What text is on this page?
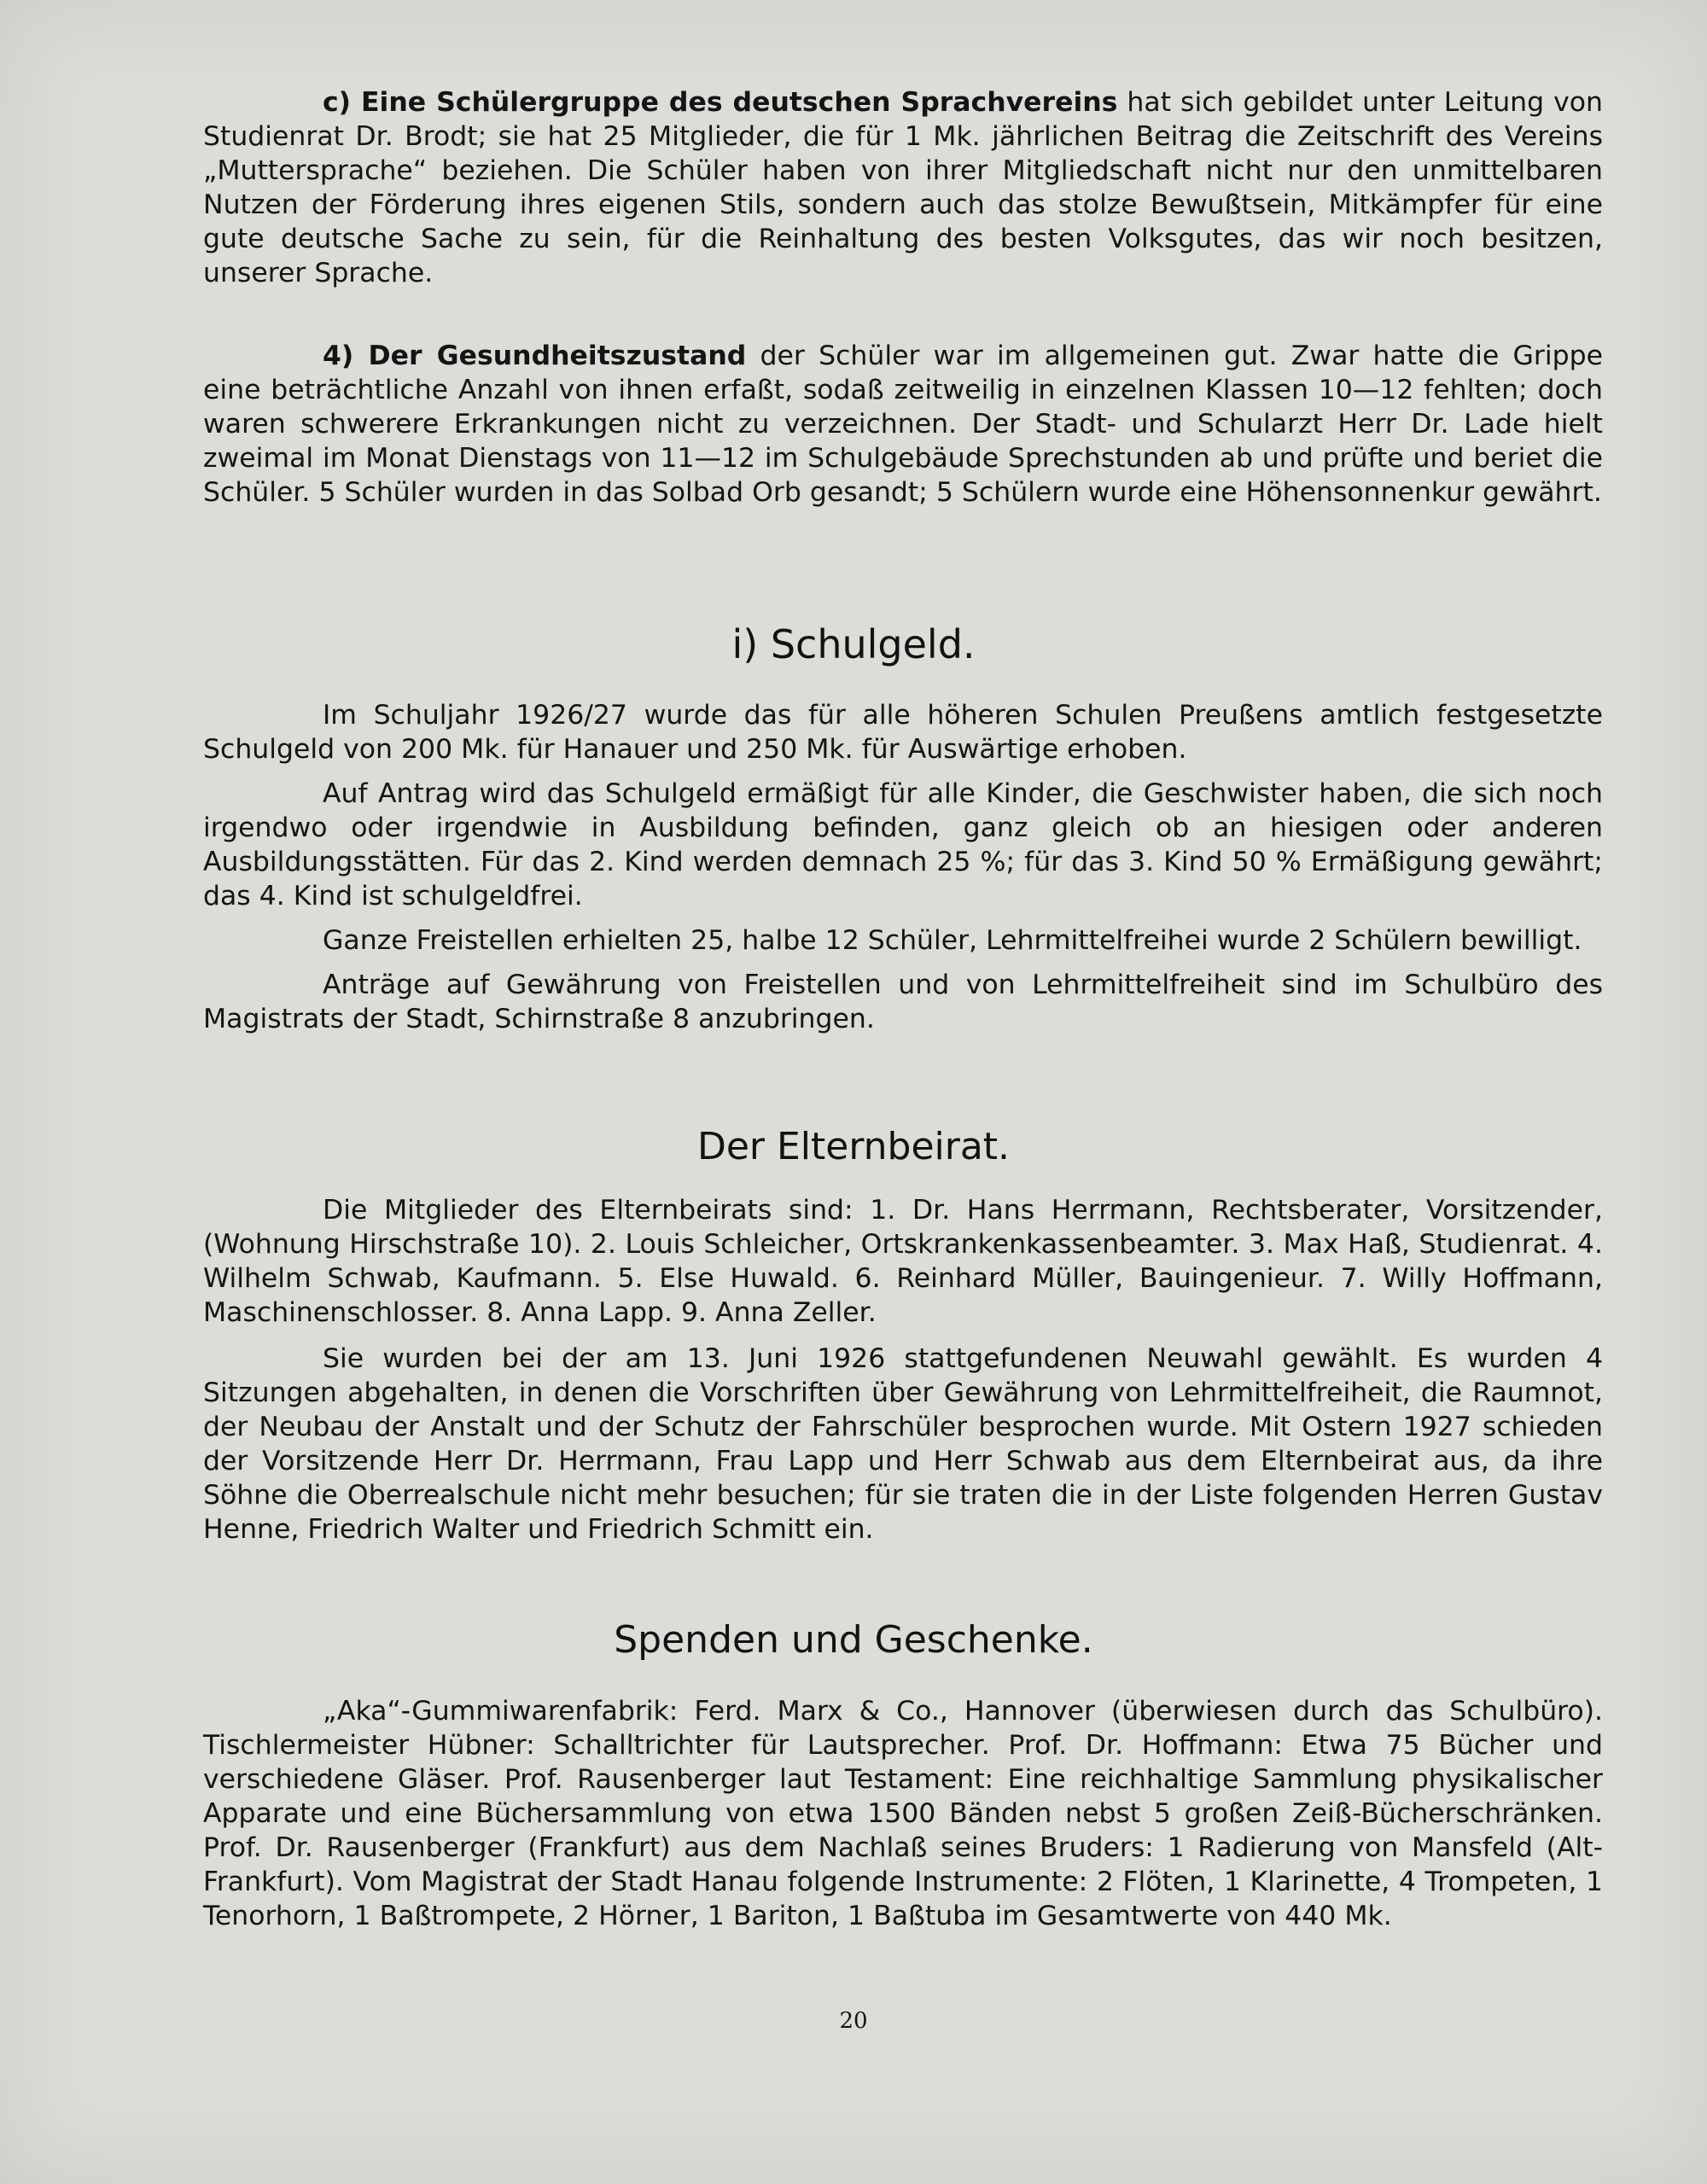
c) Eine Schülergruppe des deutschen Sprachvereins hat sich gebildet unter Leitung von Studienrat Dr. Brodt; sie hat 25 Mitglieder, die für 1 Mk. jährlichen Beitrag die Zeitschrift des Vereins „Muttersprache“ beziehen. Die Schüler haben von ihrer Mitgliedschaft nicht nur den unmittelbaren Nutzen der Förderung ihres eigenen Stils, sondern auch das stolze Bewußtsein, Mitkämpfer für eine gute deutsche Sache zu sein, für die Reinhaltung des besten Volksgutes, das wir noch besitzen, unserer Sprache.

4) Der Gesundheitszustand der Schüler war im allgemeinen gut. Zwar hatte die Grippe eine beträchtliche Anzahl von ihnen erfaßt, sodaß zeitweilig in einzelnen Klassen 10—12 fehlten; doch waren schwerere Erkrankungen nicht zu verzeichnen. Der Stadt- und Schularzt Herr Dr. Lade hielt zweimal im Monat Dienstags von 11—12 im Schulgebäude Sprechstunden ab und prüfte und beriet die Schüler. 5 Schüler wurden in das Solbad Orb gesandt; 5 Schülern wurde eine Höhensonnenkur gewährt.

i) Schulgeld.

Im Schuljahr 1926/27 wurde das für alle höheren Schulen Preußens amtlich festgesetzte Schulgeld von 200 Mk. für Hanauer und 250 Mk. für Auswärtige erhoben.

Auf Antrag wird das Schulgeld ermäßigt für alle Kinder, die Geschwister haben, die sich noch irgendwo oder irgendwie in Ausbildung befinden, ganz gleich ob an hiesigen oder anderen Ausbildungsstätten. Für das 2. Kind werden demnach 25 %; für das 3. Kind 50 % Ermäßigung gewährt; das 4. Kind ist schulgeldfrei.

Ganze Freistellen erhielten 25, halbe 12 Schüler, Lehrmittelfreihei wurde 2 Schülern bewilligt.

Anträge auf Gewährung von Freistellen und von Lehrmittelfreiheit sind im Schulbüro des Magistrats der Stadt, Schirnstraße 8 anzubringen.

Der Elternbeirat.

Die Mitglieder des Elternbeirats sind: 1. Dr. Hans Herrmann, Rechtsberater, Vorsitzender, (Wohnung Hirschstraße 10). 2. Louis Schleicher, Ortskrankenkassenbeamter. 3. Max Haß, Studienrat. 4. Wilhelm Schwab, Kaufmann. 5. Else Huwald. 6. Reinhard Müller, Bauingenieur. 7. Willy Hoffmann, Maschinenschlosser. 8. Anna Lapp. 9. Anna Zeller.

Sie wurden bei der am 13. Juni 1926 stattgefundenen Neuwahl gewählt. Es wurden 4 Sitzungen abgehalten, in denen die Vorschriften über Gewährung von Lehrmittelfreiheit, die Raumnot, der Neubau der Anstalt und der Schutz der Fahrschüler besprochen wurde. Mit Ostern 1927 schieden der Vorsitzende Herr Dr. Herrmann, Frau Lapp und Herr Schwab aus dem Elternbeirat aus, da ihre Söhne die Oberrealschule nicht mehr besuchen; für sie traten die in der Liste folgenden Herren Gustav Henne, Friedrich Walter und Friedrich Schmitt ein.

Spenden und Geschenke.

„Aka“-Gummiwarenfabrik: Ferd. Marx & Co., Hannover (überwiesen durch das Schulbüro). Tischlermeister Hübner: Schalltrichter für Lautsprecher. Prof. Dr. Hoffmann: Etwa 75 Bücher und verschiedene Gläser. Prof. Rausenberger laut Testament: Eine reichhaltige Sammlung physikalischer Apparate und eine Büchersammlung von etwa 1500 Bänden nebst 5 großen Zeiß-Bücherschränken. Prof. Dr. Rausenberger (Frankfurt) aus dem Nachlaß seines Bruders: 1 Radierung von Mansfeld (Alt-Frankfurt). Vom Magistrat der Stadt Hanau folgende Instrumente: 2 Flöten, 1 Klarinette, 4 Trompeten, 1 Tenorhorn, 1 Baßtrompete, 2 Hörner, 1 Bariton, 1 Baßtuba im Gesamtwerte von 440 Mk.

20
